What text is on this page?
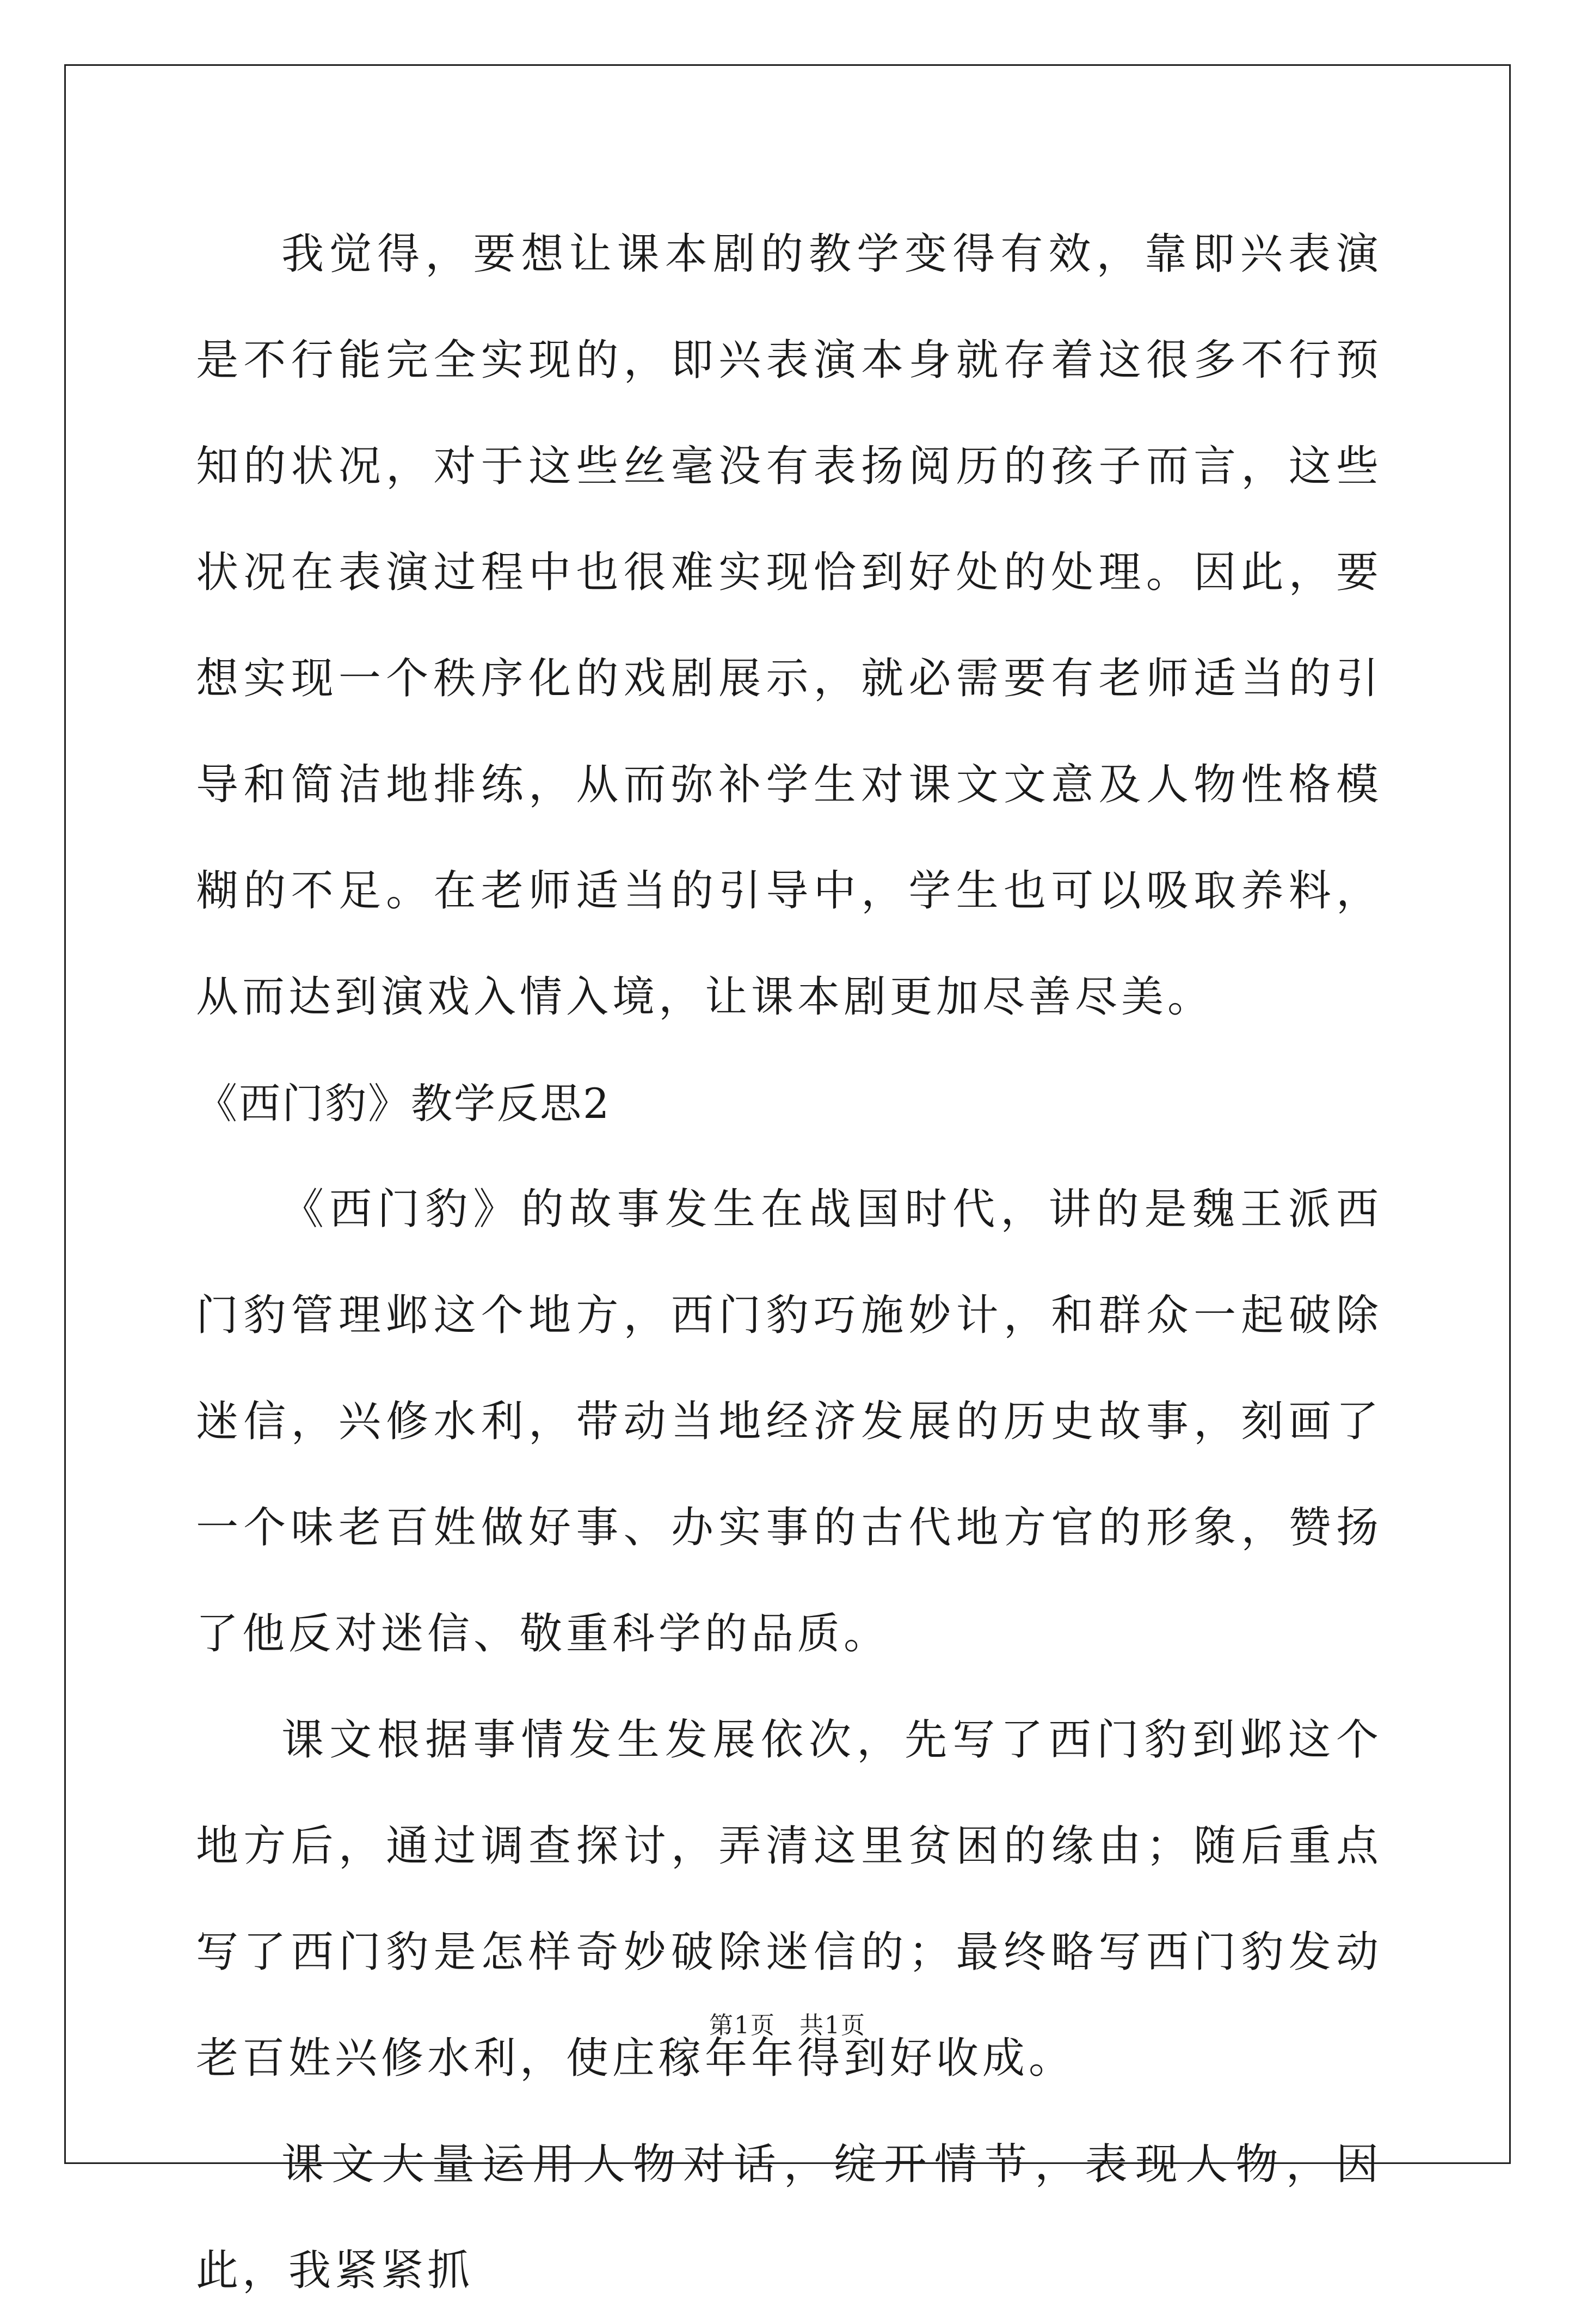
我觉得，要想让课本剧的教学变得有效，靠即兴表演是不行能完全实现的，即兴表演本身就存着这很多不行预知的状况，对于这些丝毫没有表扬阅历的孩子而言，这些状况在表演过程中也很难实现恰到好处的处理。因此，要想实现一个秩序化的戏剧展示，就必需要有老师适当的引导和简洁地排练，从而弥补学生对课文文意及人物性格模糊的不足。在老师适当的引导中，学生也可以吸取养料，从而达到演戏入情入境，让课本剧更加尽善尽美。

《西门豹》教学反思2

《西门豹》的故事发生在战国时代，讲的是魏王派西门豹管理邺这个地方，西门豹巧施妙计，和群众一起破除迷信，兴修水利，带动当地经济发展的历史故事，刻画了一个味老百姓做好事、办实事的古代地方官的形象，赞扬了他反对迷信、敬重科学的品质。

课文根据事情发生发展依次，先写了西门豹到邺这个地方后，通过调查探讨，弄清这里贫困的缘由；随后重点写了西门豹是怎样奇妙破除迷信的；最终略写西门豹发动老百姓兴修水利，使庄稼年年得到好收成。

课文大量运用人物对话，绽开情节，表现人物，因此，我紧紧抓

第1页 共1页
